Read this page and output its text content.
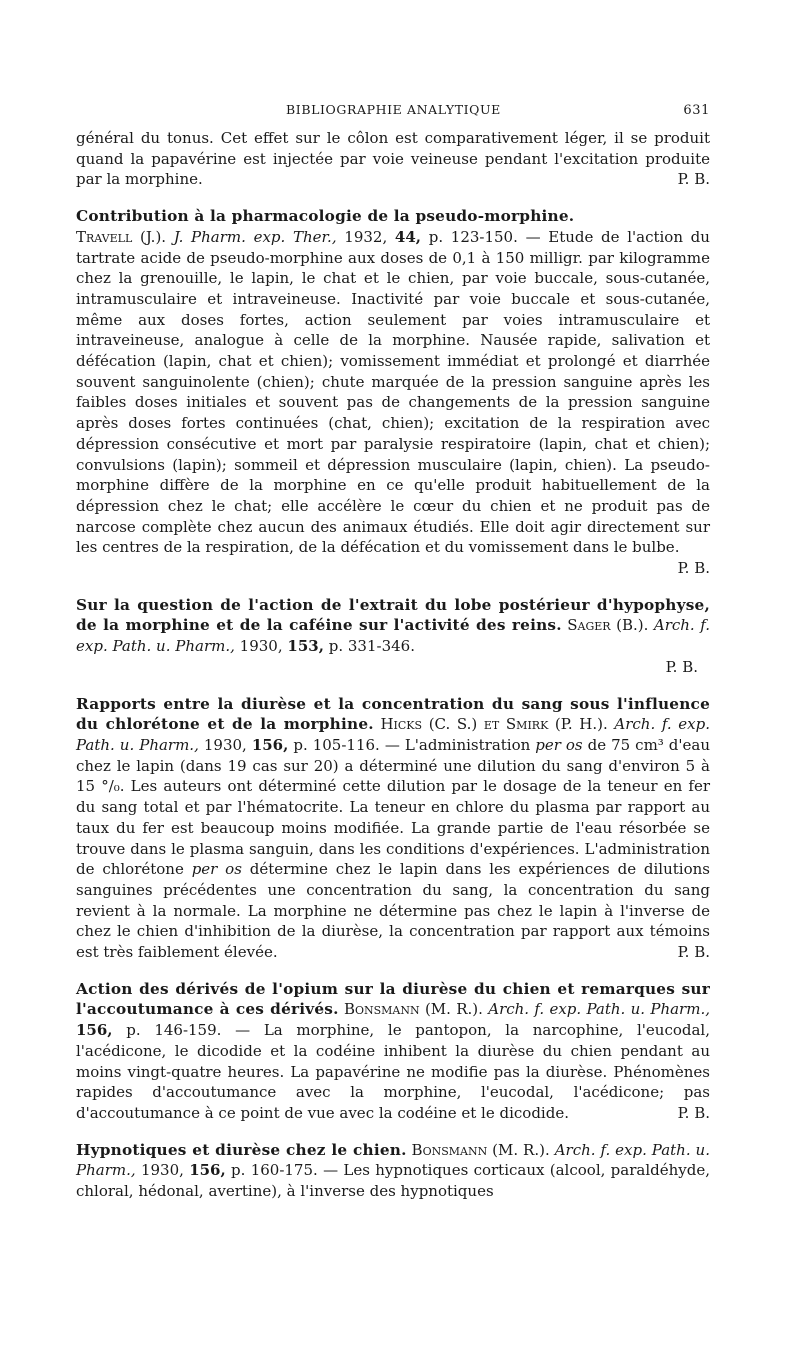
BIBLIOGRAPHIE ANALYTIQUE	631

général du tonus. Cet effet sur le côlon est comparativement léger, il se produit quand la papavérine est injectée par voie veineuse pendant l'excitation produite par la morphine.	P. B.

Contribution à la pharmacologie de la pseudo-morphine.
Travell (J.). J. Pharm. exp. Ther., 1932, 44, p. 123-150. — Etude de l'action du tartrate acide de pseudo-morphine aux doses de 0,1 à 150 milligr. par kilogramme chez la grenouille, le lapin, le chat et le chien, par voie buccale, sous-cutanée, intramusculaire et intraveineuse. Inactivité par voie buccale et sous-cutanée, même aux doses fortes, action seulement par voies intramusculaire et intraveineuse, analogue à celle de la morphine. Nausée rapide, salivation et défécation (lapin, chat et chien); vomissement immédiat et prolongé et diarrhée souvent sanguinolente (chien); chute marquée de la pression sanguine après les faibles doses initiales et souvent pas de changements de la pression sanguine après doses fortes continuées (chat, chien); excitation de la respiration avec dépression consécutive et mort par paralysie respiratoire (lapin, chat et chien); convulsions (lapin); sommeil et dépression musculaire (lapin, chien). La pseudo-morphine diffère de la morphine en ce qu'elle produit habituellement de la dépression chez le chat; elle accélère le cœur du chien et ne produit pas de narcose complète chez aucun des animaux étudiés. Elle doit agir directement sur les centres de la respiration, de la défécation et du vomissement dans le bulbe.
P. B.

Sur la question de l'action de l'extrait du lobe postérieur d'hypophyse, de la morphine et de la caféine sur l'activité des reins. Sager (B.). Arch. f. exp. Path. u. Pharm., 1930, 153, p. 331-346.

P. B.

Rapports entre la diurèse et la concentration du sang sous l'influence du chlorétone et de la morphine. Hicks (C. S.) et Smirk (P. H.). Arch. f. exp. Path. u. Pharm., 1930, 156, p. 105-116. — L'administration per os de 75 cm³ d'eau chez le lapin (dans 19 cas sur 20) a déterminé une dilution du sang d'environ 5 à 15 °/₀. Les auteurs ont déterminé cette dilution par le dosage de la teneur en fer du sang total et par l'hématocrite. La teneur en chlore du plasma par rapport au taux du fer est beaucoup moins modifiée. La grande partie de l'eau résorbée se trouve dans le plasma sanguin, dans les conditions d'expériences. L'administration de chlorétone per os détermine chez le lapin dans les expériences de dilutions sanguines précédentes une concentration du sang, la concentration du sang revient à la normale. La morphine ne détermine pas chez le lapin à l'inverse de chez le chien d'inhibition de la diurèse, la concentration par rapport aux témoins est très faiblement élevée.	P. B.

Action des dérivés de l'opium sur la diurèse du chien et remarques sur l'accoutumance à ces dérivés. Bonsmann (M. R.). Arch. f. exp. Path. u. Pharm., 156, p. 146-159. — La morphine, le pantopon, la narcophine, l'eucodal, l'acédicone, le dicodide et la codéine inhibent la diurèse du chien pendant au moins vingt-quatre heures. La papavérine ne modifie pas la diurèse. Phénomènes rapides d'accoutumance avec la morphine, l'eucodal, l'acédicone; pas d'accoutumance à ce point de vue avec la codéine et le dicodide.	P. B.

Hypnotiques et diurèse chez le chien. Bonsmann (M. R.). Arch. f. exp. Path. u. Pharm., 1930, 156, p. 160-175. — Les hypnotiques corticaux (alcool, paraldéhyde, chloral, hédonal, avertine), à l'inverse des hypnotiques
